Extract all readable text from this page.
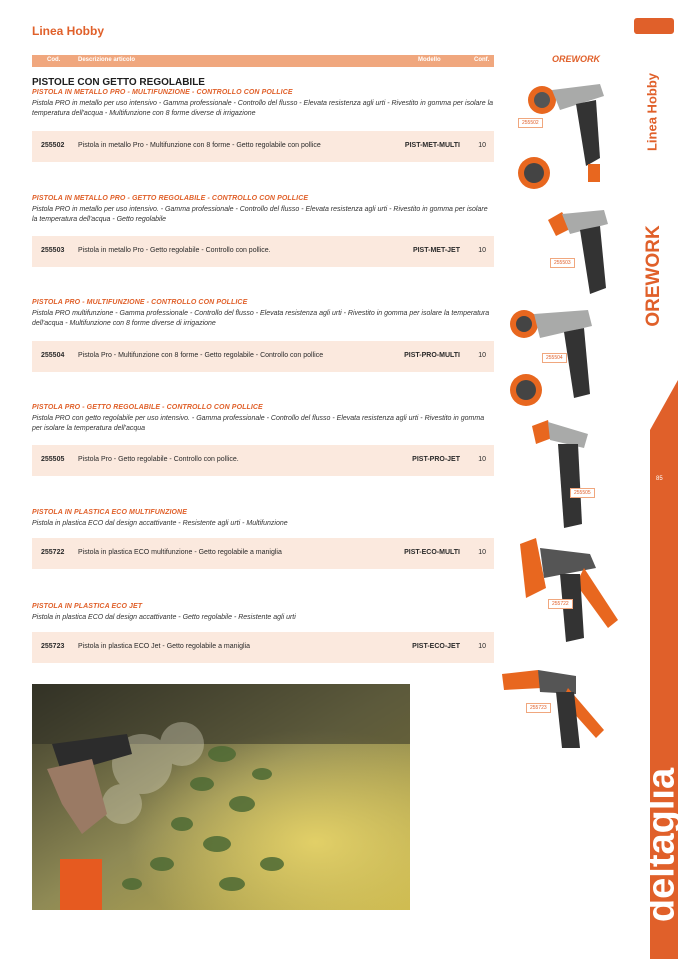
Linea Hobby
Cod.	Descrizione articolo	Modello	Conf.
PISTOLE CON GETTO REGOLABILE
PISTOLA IN METALLO PRO - MULTIFUNZIONE - CONTROLLO CON POLLICE
Pistola PRO in metallo per uso intensivo - Gamma professionale - Controllo del flusso - Elevata resistenza agli urti - Rivestito in gomma per isolare la temperatura dell'acqua - Multifunzione con 8 forme diverse di irrigazione
255502 Pistola in metallo Pro - Multifunzione con 8 forme - Getto regolabile con pollice	PIST-MET-MULTI	10
PISTOLA IN METALLO PRO - GETTO REGOLABILE - CONTROLLO CON POLLICE
Pistola PRO in metallo per uso intensivo. - Gamma professionale - Controllo del flusso - Elevata resistenza agli urti - Rivestito in gomma per isolare la temperatura dell'acqua - Getto regolabile
255503 Pistola in metallo Pro - Getto regolabile - Controllo con pollice.	PIST-MET-JET	10
PISTOLA PRO - MULTIFUNZIONE - CONTROLLO CON POLLICE
Pistola PRO multifunzione - Gamma professionale - Controllo del flusso - Elevata resistenza agli urti - Rivestito in gomma per isolare la temperatura dell'acqua - Multifunzione con 8 forme diverse di irrigazione
255504 Pistola Pro - Multifunzione con 8 forme - Getto regolabile - Controllo con pollice	PIST-PRO-MULTI	10
PISTOLA PRO - GETTO REGOLABILE - CONTROLLO CON POLLICE
Pistola PRO con getto regolabile per uso intensivo. - Gamma professionale - Controllo del flusso - Elevata resistenza agli urti - Rivestito in gomma per isolare la temperatura dell'acqua
255505 Pistola Pro - Getto regolabile - Controllo con pollice.	PIST-PRO-JET	10
PISTOLA IN PLASTICA ECO MULTIFUNZIONE
Pistola in plastica ECO dal design accattivante - Resistente agli urti - Multifunzione
255722 Pistola in plastica ECO multifunzione - Getto regolabile a maniglia	PIST-ECO-MULTI	10
PISTOLA IN PLASTICA ECO JET
Pistola in plastica ECO dal design accattivante - Getto regolabile - Resistente agli urti
255723 Pistola in plastica ECO Jet - Getto regolabile a maniglia	PIST-ECO-JET	10
OREWORK
255502
255503
255504
255505
255722
255723
Linea Hobby
OREWORK
85
deltaglia
